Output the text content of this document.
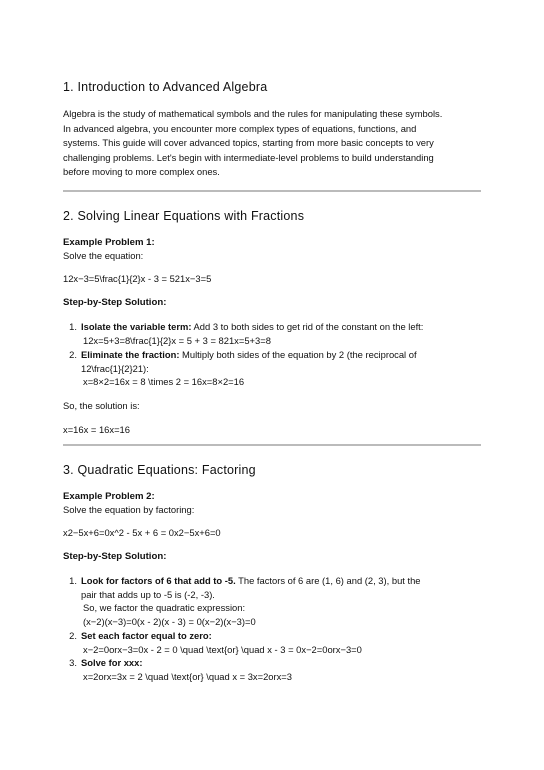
1. Introduction to Advanced Algebra

Algebra is the study of mathematical symbols and the rules for manipulating these symbols.

In advanced algebra, you encounter more complex types of equations, functions, and

systems. This guide will cover advanced topics, starting from more basic concepts to very

challenging problems. Let's begin with intermediate-level problems to build understanding

before moving to more complex ones.

2. Solving Linear Equations with Fractions

Example Problem 1:

Solve the equation:

12x−3=5\frac{1}{2}x - 3 = 521​x−3=5

Step-by-Step Solution:

1. Isolate the variable term: Add 3 to both sides to get rid of the constant on the left:
12x=5+3=8\frac{1}{2}x = 5 + 3 = 821​x=5+3=8
2. Eliminate the fraction: Multiply both sides of the equation by 2 (the reciprocal of
12\frac{1}{2}21​):
x=8×2=16x = 8 \times 2 = 16x=8×2=16

So, the solution is:

x=16x = 16x=16

3. Quadratic Equations: Factoring

Example Problem 2:

Solve the equation by factoring:

x2−5x+6=0x^2 - 5x + 6 = 0x2−5x+6=0

Step-by-Step Solution:

1. Look for factors of 6 that add to -5. The factors of 6 are (1, 6) and (2, 3), but the
pair that adds up to -5 is (-2, -3).
So, we factor the quadratic expression:
(x−2)(x−3)=0(x - 2)(x - 3) = 0(x−2)(x−3)=0
2. Set each factor equal to zero:
x−2=0orx−3=0x - 2 = 0 \quad \text{or} \quad x - 3 = 0x−2=0orx−3=0
3. Solve for xxx:
x=2orx=3x = 2 \quad \text{or} \quad x = 3x=2orx=3
